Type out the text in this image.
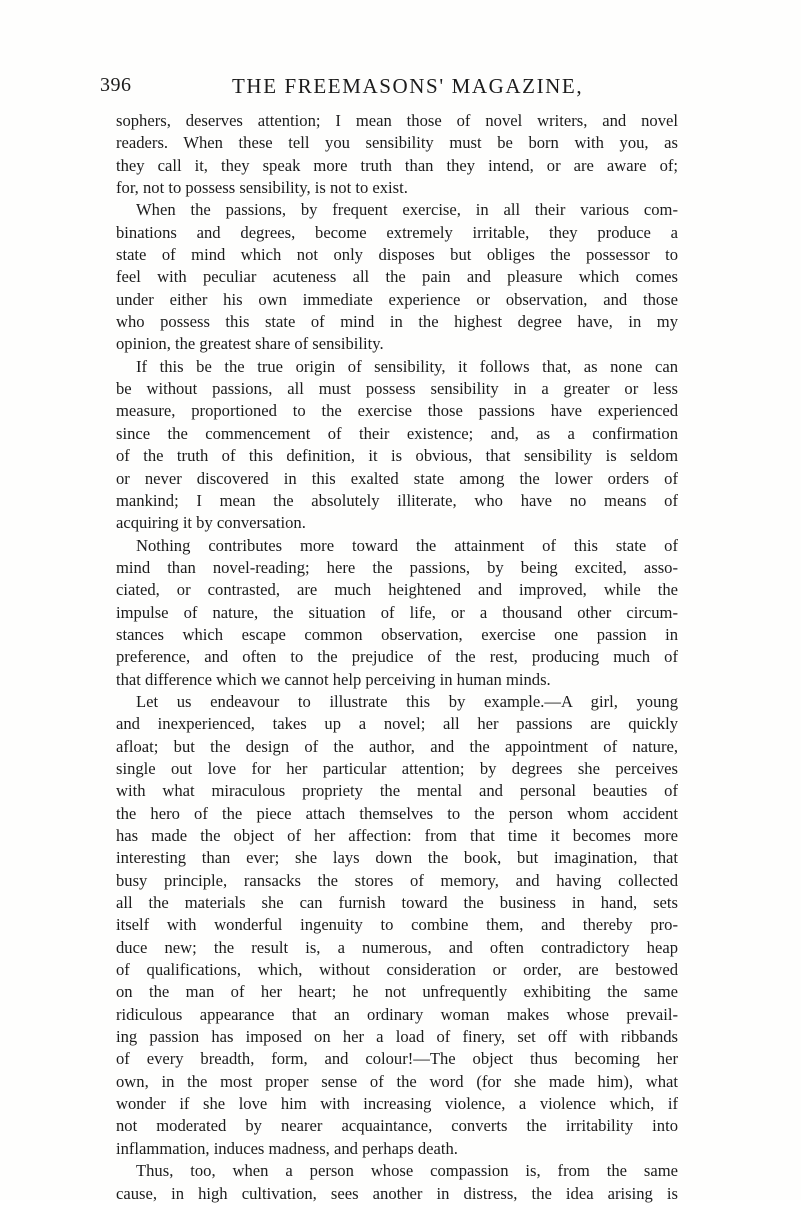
396	THE FREEMASONS' MAGAZINE,
sophers, deserves attention; I mean those of novel writers, and novel
readers. When these tell you sensibility must be born with you, as
they call it, they speak more truth than they intend, or are aware of;
for, not to possess sensibility, is not to exist.
When the passions, by frequent exercise, in all their various com-
binations and degrees, become extremely irritable, they produce a
state of mind which not only disposes but obliges the possessor to
feel with peculiar acuteness all the pain and pleasure which comes
under either his own immediate experience or observation, and those
who possess this state of mind in the highest degree have, in my
opinion, the greatest share of sensibility.
If this be the true origin of sensibility, it follows that, as none can
be without passions, all must possess sensibility in a greater or less
measure, proportioned to the exercise those passions have experienced
since the commencement of their existence; and, as a confirmation
of the truth of this definition, it is obvious, that sensibility is seldom
or never discovered in this exalted state among the lower orders of
mankind; I mean the absolutely illiterate, who have no means of
acquiring it by conversation.
Nothing contributes more toward the attainment of this state of
mind than novel-reading; here the passions, by being excited, asso-
ciated, or contrasted, are much heightened and improved, while the
impulse of nature, the situation of life, or a thousand other circum-
stances which escape common observation, exercise one passion in
preference, and often to the prejudice of the rest, producing much of
that difference which we cannot help perceiving in human minds.
Let us endeavour to illustrate this by example.—A girl, young
and inexperienced, takes up a novel; all her passions are quickly
afloat; but the design of the author, and the appointment of nature,
single out love for her particular attention; by degrees she perceives
with what miraculous propriety the mental and personal beauties of
the hero of the piece attach themselves to the person whom accident
has made the object of her affection: from that time it becomes more
interesting than ever; she lays down the book, but imagination, that
busy principle, ransacks the stores of memory, and having collected
all the materials she can furnish toward the business in hand, sets
itself with wonderful ingenuity to combine them, and thereby pro-
duce new; the result is, a numerous, and often contradictory heap
of qualifications, which, without consideration or order, are bestowed
on the man of her heart; he not unfrequently exhibiting the same
ridiculous appearance that an ordinary woman makes whose prevail-
ing passion has imposed on her a load of finery, set off with ribbands
of every breadth, form, and colour!—The object thus becoming her
own, in the most proper sense of the word (for she made him), what
wonder if she love him with increasing violence, a violence which, if
not moderated by nearer acquaintance, converts the irritability into
inflammation, induces madness, and perhaps death.
Thus, too, when a person whose compassion is, from the same
cause, in high cultivation, sees another in distress, the idea arising is
